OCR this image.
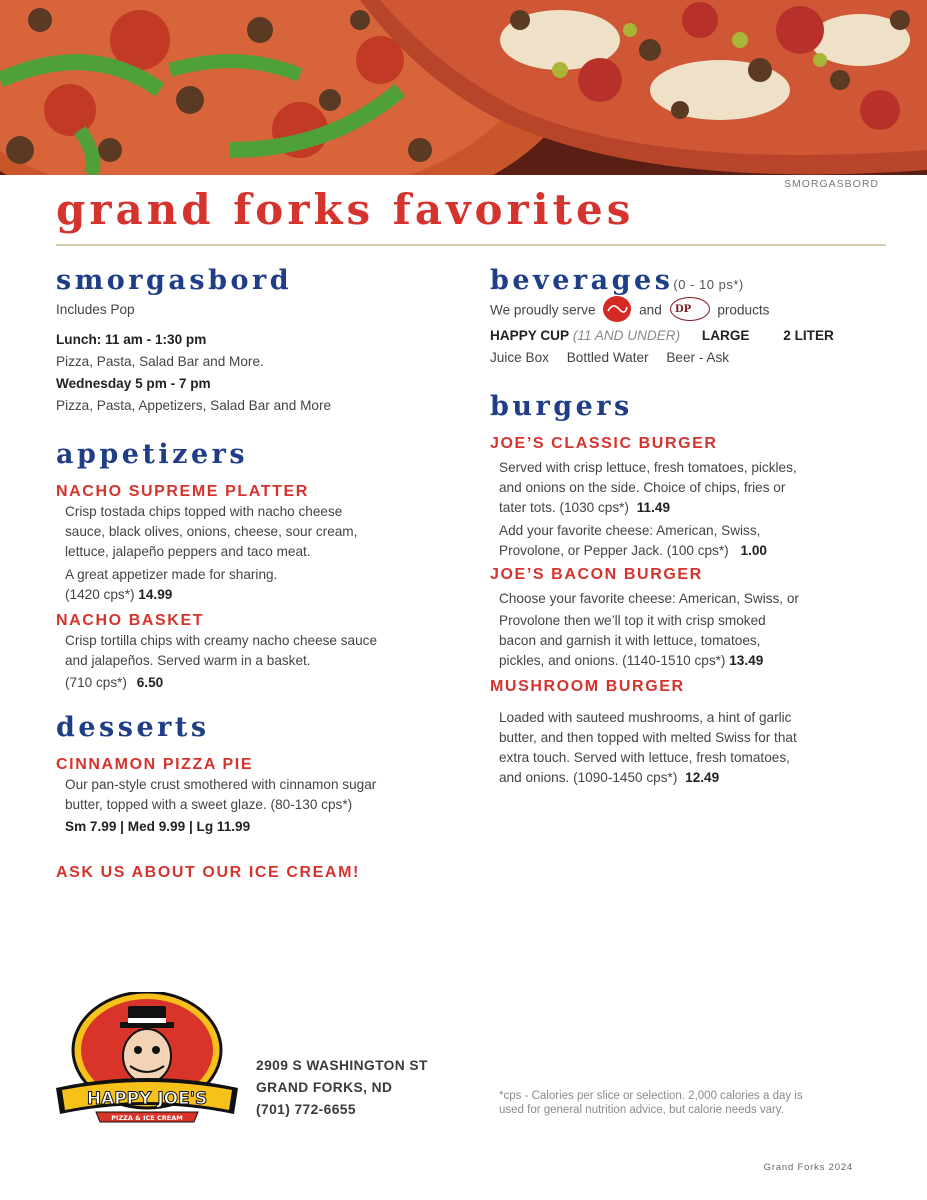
SMORGASBORD
grand forks favorites
smorgasbord
Includes Pop
Lunch: 11 am - 1:30 pm
Pizza, Pasta, Salad Bar and More.
Wednesday 5 pm - 7 pm
Pizza, Pasta, Appetizers, Salad Bar and More
appetizers
NACHO SUPREME PLATTER
Crisp tostada chips topped with nacho cheese
sauce, black olives, onions, cheese, sour cream,
lettuce, jalapeño peppers and taco meat.
A great appetizer made for sharing.
(1420 cps*) 14.99
NACHO BASKET
Crisp tortilla chips with creamy nacho cheese sauce
and jalapeños. Served warm in a basket.
(710 cps*) 6.50
desserts
CINNAMON PIZZA PIE
Our pan-style crust smothered with cinnamon sugar
butter, topped with a sweet glaze. (80-130 cps*)
Sm 7.99 | Med 9.99 | Lg 11.99
ASK US ABOUT OUR ICE CREAM!
beverages(0 - 10 ps*)
We proudly serve	and DP products
HAPPY CUP (11 AND UNDER) LARGE 2 LITER
Juice Box Bottled Water Beer - Ask
burgers
JOE’S CLASSIC BURGER
Served with crisp lettuce, fresh tomatoes, pickles,
and onions on the side. Choice of chips, fries or
tater tots. (1030 cps*) 11.49
Add your favorite cheese: American, Swiss,
Provolone, or Pepper Jack. (100 cps*) 1.00
JOE’S BACON BURGER
Choose your favorite cheese: American, Swiss, or
Provolone then we’ll top it with crisp smoked
bacon and garnish it with lettuce, tomatoes,
pickles, and onions. (1140-1510 cps*) 13.49
MUSHROOM BURGER
Loaded with sauteed mushrooms, a hint of garlic
butter, and then topped with melted Swiss for that
extra touch. Served with lettuce, fresh tomatoes,
and onions. (1090-1450 cps*) 12.49
HAPPY JOE'S
PIZZA & ICE CREAM
2909 S WASHINGTON ST
GRAND FORKS, ND
(701) 772-6655
*cps - Calories per slice or selection. 2,000 calories a day is
used for general nutrition advice, but calorie needs vary.
Grand Forks 2024
